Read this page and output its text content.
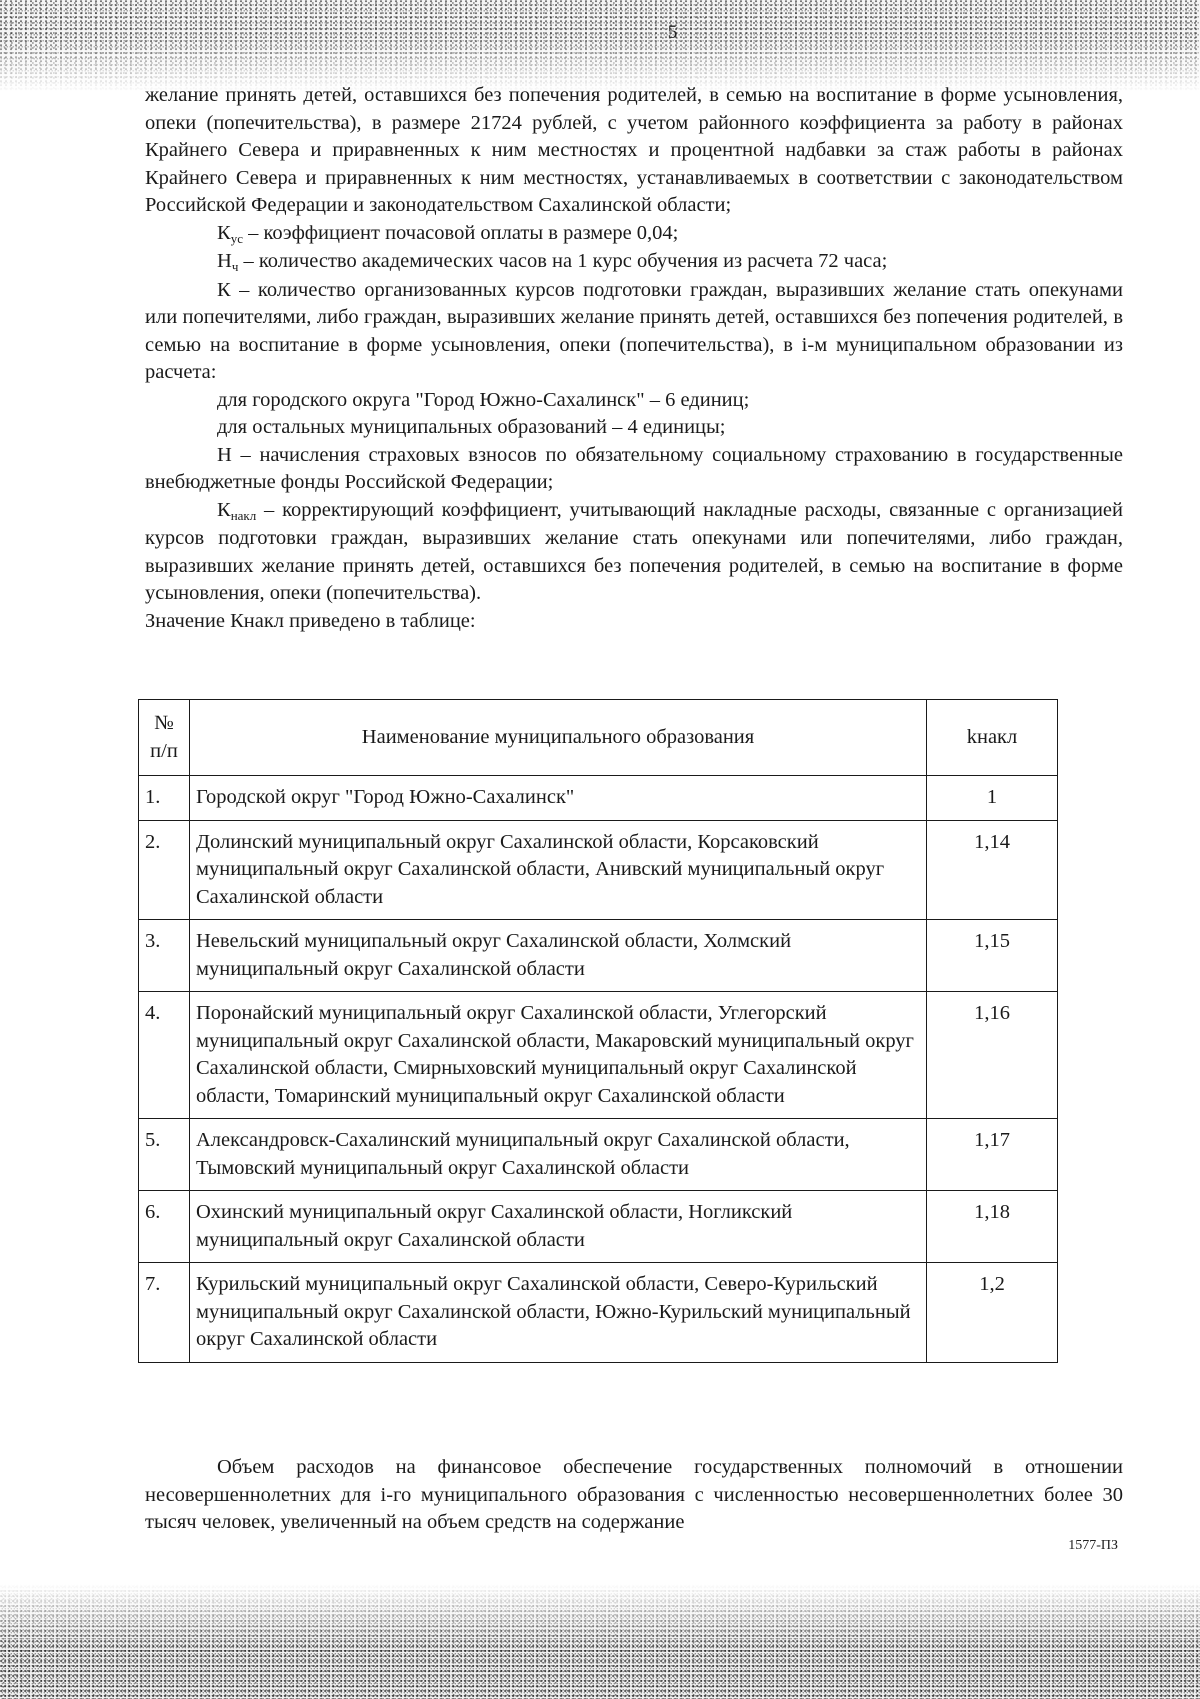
5

желание принять детей, оставшихся без попечения родителей, в семью на воспитание в форме усыновления, опеки (попечительства), в размере 21724 рублей, с учетом районного коэффициента за работу в районах Крайнего Севера и приравненных к ним местностях и процентной надбавки за стаж работы в районах Крайнего Севера и приравненных к ним местностях, устанавливаемых в соответствии с законодательством Российской Федерации и законодательством Сахалинской области;

Кус – коэффициент почасовой оплаты в размере 0,04;

Нч – количество академических часов на 1 курс обучения из расчета 72 часа;

К – количество организованных курсов подготовки граждан, выразивших желание стать опекунами или попечителями, либо граждан, выразивших желание принять детей, оставшихся без попечения родителей, в семью на воспитание в форме усыновления, опеки (попечительства), в i-м муниципальном образовании из расчета:

для городского округа "Город Южно-Сахалинск" – 6 единиц;

для остальных муниципальных образований – 4 единицы;

Н – начисления страховых взносов по обязательному социальному страхованию в государственные внебюджетные фонды Российской Федерации;

Кнакл – корректирующий коэффициент, учитывающий накладные расходы, связанные с организацией курсов подготовки граждан, выразивших желание стать опекунами или попечителями, либо граждан, выразивших желание принять детей, оставшихся без попечения родителей, в семью на воспитание в форме усыновления, опеки (попечительства).

Значение Кнакл приведено в таблице:

№ п/п	Наименование муниципального образования	kнакл
1.	Городской округ "Город Южно-Сахалинск"	1
2.	Долинский муниципальный округ Сахалинской области, Корсаковский муниципальный округ Сахалинской области, Анивский муниципальный округ Сахалинской области	1,14
3.	Невельский муниципальный округ Сахалинской области, Холмский муниципальный округ Сахалинской области	1,15
4.	Поронайский муниципальный округ Сахалинской области, Углегорский муниципальный округ Сахалинской области, Макаровский муниципальный округ Сахалинской области, Смирныховский муниципальный округ Сахалинской области, Томаринский муниципальный округ Сахалинской области	1,16
5.	Александровск-Сахалинский муниципальный округ Сахалинской области, Тымовский муниципальный округ Сахалинской области	1,17
6.	Охинский муниципальный округ Сахалинской области, Ногликский муниципальный округ Сахалинской области	1,18
7.	Курильский муниципальный округ Сахалинской области, Северо-Курильский муниципальный округ Сахалинской области, Южно-Курильский муниципальный округ Сахалинской области	1,2

Объем расходов на финансовое обеспечение государственных полномочий в отношении несовершеннолетних для i-го муниципального образования с численностью несовершеннолетних более 30 тысяч человек, увеличенный на объем средств на содержание

1577-ПЗ
